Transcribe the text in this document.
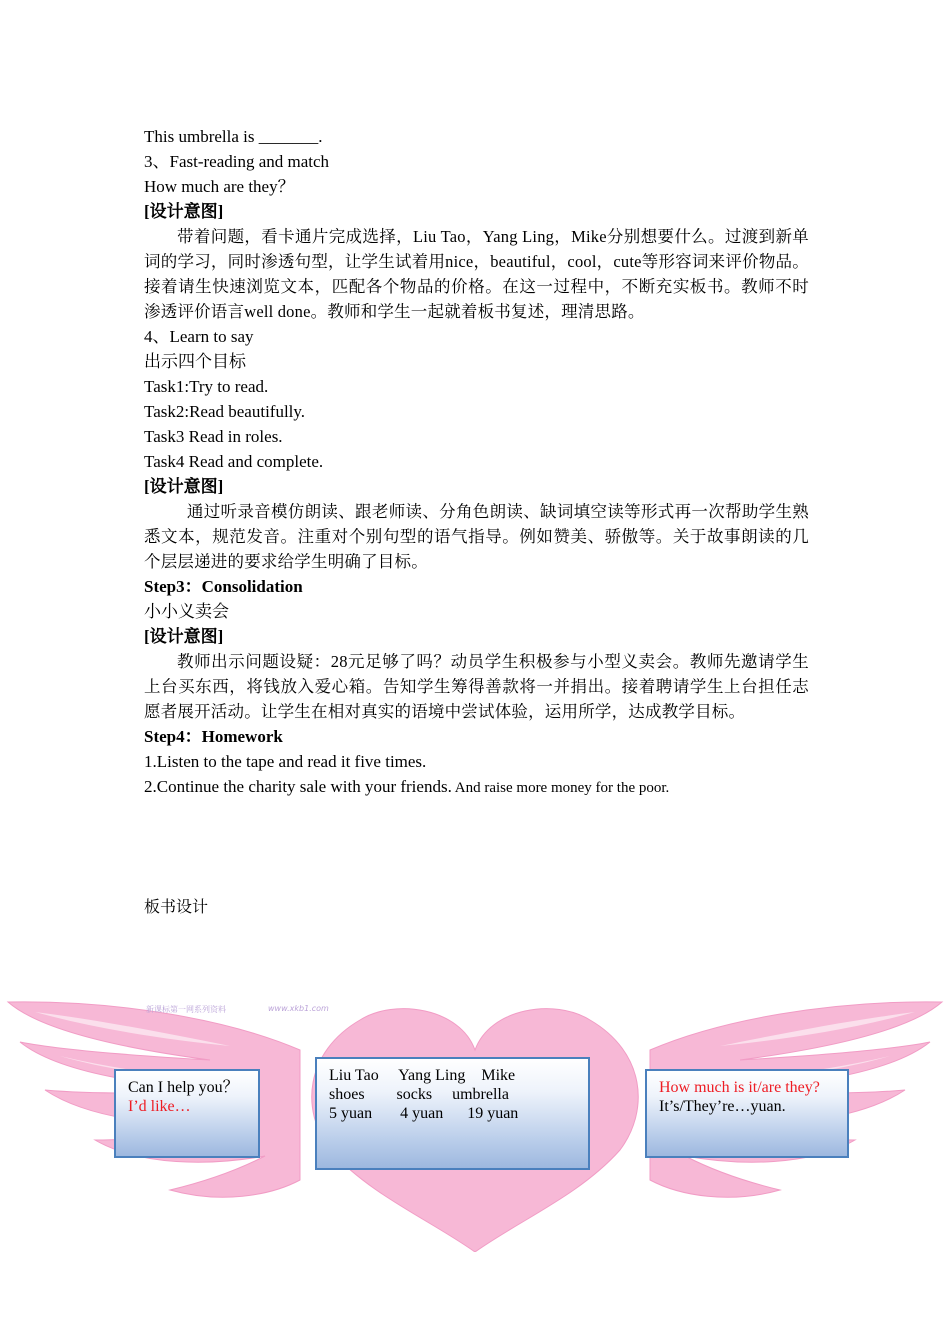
This umbrella is _______.
3、Fast-reading and match
How much are they？
[设计意图]
带着问题，看卡通片完成选择，Liu Tao，Yang Ling，Mike分别想要什么。过渡到新单词的学习，同时渗透句型，让学生试着用nice，beautiful，cool，cute等形容词来评价物品。接着请生快速浏览文本，匹配各个物品的价格。在这一过程中，不断充实板书。教师不时渗透评价语言well done。教师和学生一起就着板书复述，理清思路。
4、Learn to say
出示四个目标
Task1:Try to read.
Task2:Read beautifully.
Task3 Read in roles.
Task4 Read and complete.
[设计意图]
通过听录音模仿朗读、跟老师读、分角色朗读、缺词填空读等形式再一次帮助学生熟悉文本，规范发音。注重对个别句型的语气指导。例如赞美、骄傲等。关于故事朗读的几个层层递进的要求给学生明确了目标。
Step3：Consolidation
小小义卖会
[设计意图]
教师出示问题设疑：28元足够了吗？动员学生积极参与小型义卖会。教师先邀请学生上台买东西，将钱放入爱心箱。告知学生筹得善款将一并捐出。接着聘请学生上台担任志愿者展开活动。让学生在相对真实的语境中尝试体验，运用所学，达成教学目标。
Step4：Homework
1.Listen to the tape and read it five times.
2.Continue the charity sale with your friends. And raise more money for the poor.
板书设计
新课标第一网系列资料	www.xkb1.com
Can I help you？
I’d like…
Liu Tao     Yang Ling    Mike
shoes        socks     umbrella
5 yuan       4 yuan      19 yuan
How much is it/are they?
It’s/They’re…yuan.
